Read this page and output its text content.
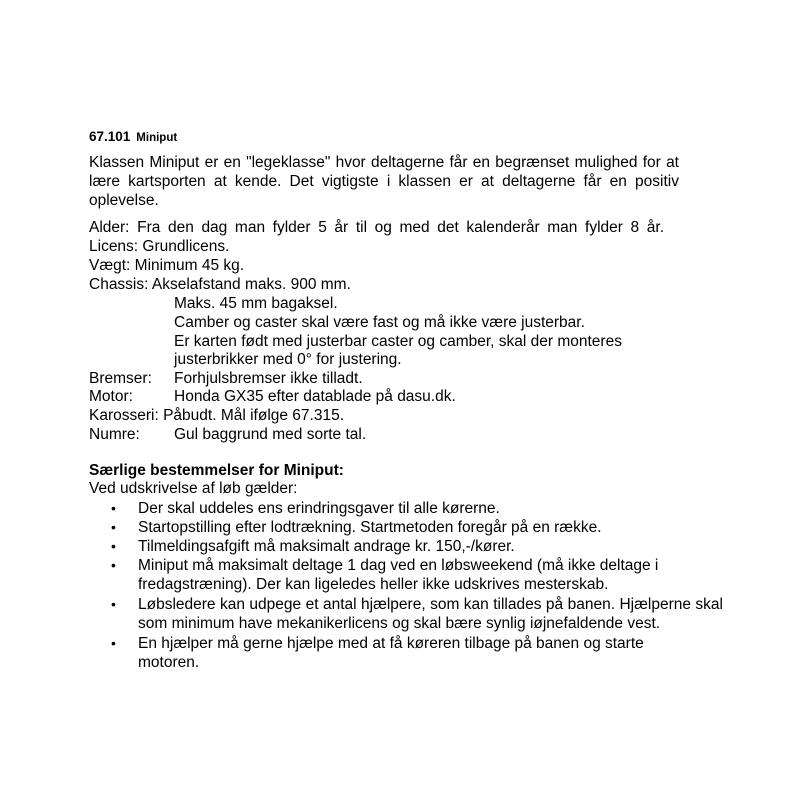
67.101 Miniput
Klassen Miniput er en "legeklasse" hvor deltagerne får en begrænset mulighed for at lære kartsporten at kende. Det vigtigste i klassen er at deltagerne får en positiv oplevelse.
Alder: Fra den dag man fylder 5 år til og med det kalenderår man fylder 8 år.
Licens: Grundlicens.
Vægt: Minimum 45 kg.
Chassis: Akselafstand maks. 900 mm.
Maks. 45 mm bagaksel.
Camber og caster skal være fast og må ikke være justerbar.
Er karten født med justerbar caster og camber, skal der monteres
justerbrikker med 0° for justering.
Bremser: Forhjulsbremser ikke tilladt.
Motor:	Honda GX35 efter datablade på dasu.dk.
Karosseri: Påbudt. Mål ifølge 67.315.
Numre: Gul baggrund med sorte tal.
Særlige bestemmelser for Miniput:
Ved udskrivelse af løb gælder:
• Der skal uddeles ens erindringsgaver til alle kørerne.
• Startopstilling efter lodtrækning. Startmetoden foregår på en række.
• Tilmeldingsafgift må maksimalt andrage kr. 150,-/kører.
• Miniput må maksimalt deltage 1 dag ved en løbsweekend (må ikke deltage i fredagstræning). Der kan ligeledes heller ikke udskrives mesterskab.
• Løbsledere kan udpege et antal hjælpere, som kan tillades på banen. Hjælperne skal som minimum have mekanikerlicens og skal bære synlig iøjnefaldende vest.
• En hjælper må gerne hjælpe med at få køreren tilbage på banen og starte motoren.
